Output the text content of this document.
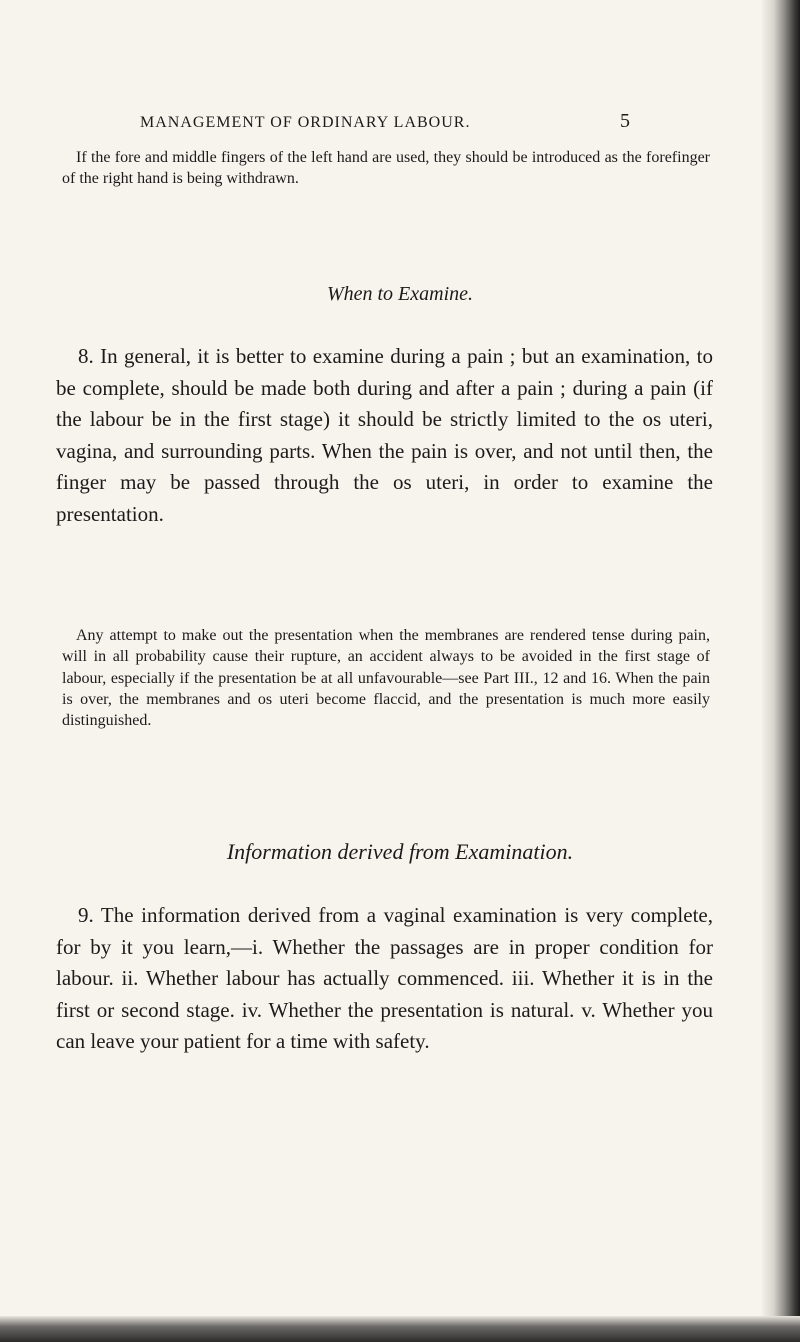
MANAGEMENT OF ORDINARY LABOUR.	5

If the fore and middle fingers of the left hand are used, they should be introduced as the forefinger of the right hand is being withdrawn.

When to Examine.

8. In general, it is better to examine during a pain ; but an examination, to be complete, should be made both during and after a pain ; during a pain (if the labour be in the first stage) it should be strictly limited to the os uteri, vagina, and surrounding parts. When the pain is over, and not until then, the finger may be passed through the os uteri, in order to examine the presentation.

Any attempt to make out the presentation when the membranes are rendered tense during pain, will in all probability cause their rupture, an accident always to be avoided in the first stage of labour, especially if the presentation be at all unfavourable—see Part III., 12 and 16. When the pain is over, the membranes and os uteri become flaccid, and the presentation is much more easily distinguished.

Information derived from Examination.

9. The information derived from a vaginal examination is very complete, for by it you learn,—i. Whether the passages are in proper condition for labour. ii. Whether labour has actually commenced. iii. Whether it is in the first or second stage. iv. Whether the presentation is natural. v. Whether you can leave your patient for a time with safety.
